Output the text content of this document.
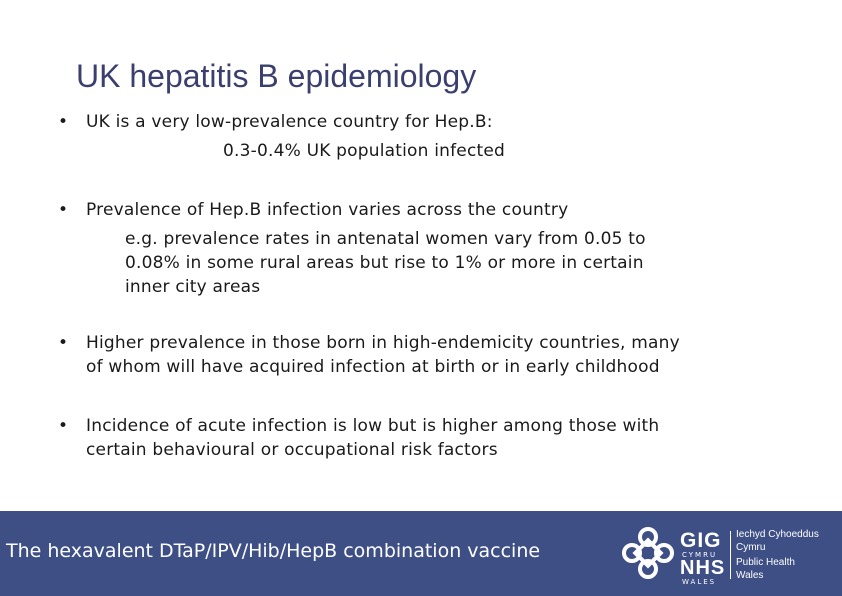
UK hepatitis B epidemiology
•	UK is a very low-prevalence country for Hep.B:
0.3-0.4% UK population infected
•	Prevalence of Hep.B infection varies across the country
e.g. prevalence rates in antenatal women vary from 0.05 to
0.08% in some rural areas but rise to 1% or more in certain
inner city areas
•	Higher prevalence in those born in high-endemicity countries, many
of whom will have acquired infection at birth or in early childhood
•	Incidence of acute infection is low but is higher among those with
certain behavioural or occupational risk factors
The hexavalent DTaP/IPV/Hib/HepB combination vaccine	GIG
CYMRU
NHS
WALES
Iechyd Cyhoeddus
Cymru
Public Health
Wales
